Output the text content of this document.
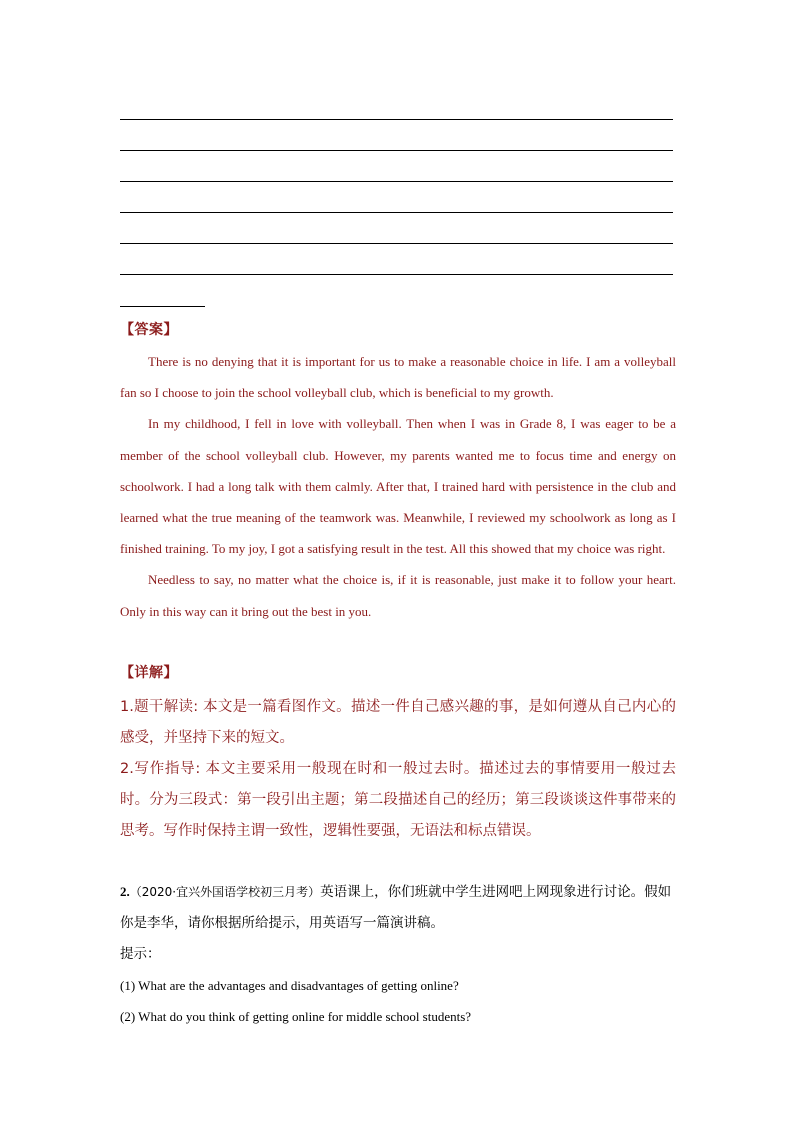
【答案】

There is no denying that it is important for us to make a reasonable choice in life. I am a volleyball fan so I choose to join the school volleyball club, which is beneficial to my growth.

In my childhood, I fell in love with volleyball. Then when I was in Grade 8, I was eager to be a member of the school volleyball club. However, my parents wanted me to focus time and energy on schoolwork. I had a long talk with them calmly. After that, I trained hard with persistence in the club and learned what the true meaning of the teamwork was. Meanwhile, I reviewed my schoolwork as long as I finished training. To my joy, I got a satisfying result in the test. All this showed that my choice was right.

Needless to say, no matter what the choice is, if it is reasonable, just make it to follow your heart. Only in this way can it bring out the best in you.

【详解】

1.题干解读: 本文是一篇看图作文。描述一件自己感兴趣的事，是如何遵从自己内心的感受，并坚持下来的短文。

2.写作指导: 本文主要采用一般现在时和一般过去时。描述过去的事情要用一般过去时。分为三段式：第一段引出主题；第二段描述自己的经历；第三段谈谈这件事带来的思考。写作时保持主谓一致性，逻辑性要强，无语法和标点错误。

2.（2020·宜兴外国语学校初三月考）英语课上，你们班就中学生进网吧上网现象进行讨论。假如你是李华，请你根据所给提示，用英语写一篇演讲稿。

提示：

(1) What are the advantages and disadvantages of getting online?

(2) What do you think of getting online for middle school students?
